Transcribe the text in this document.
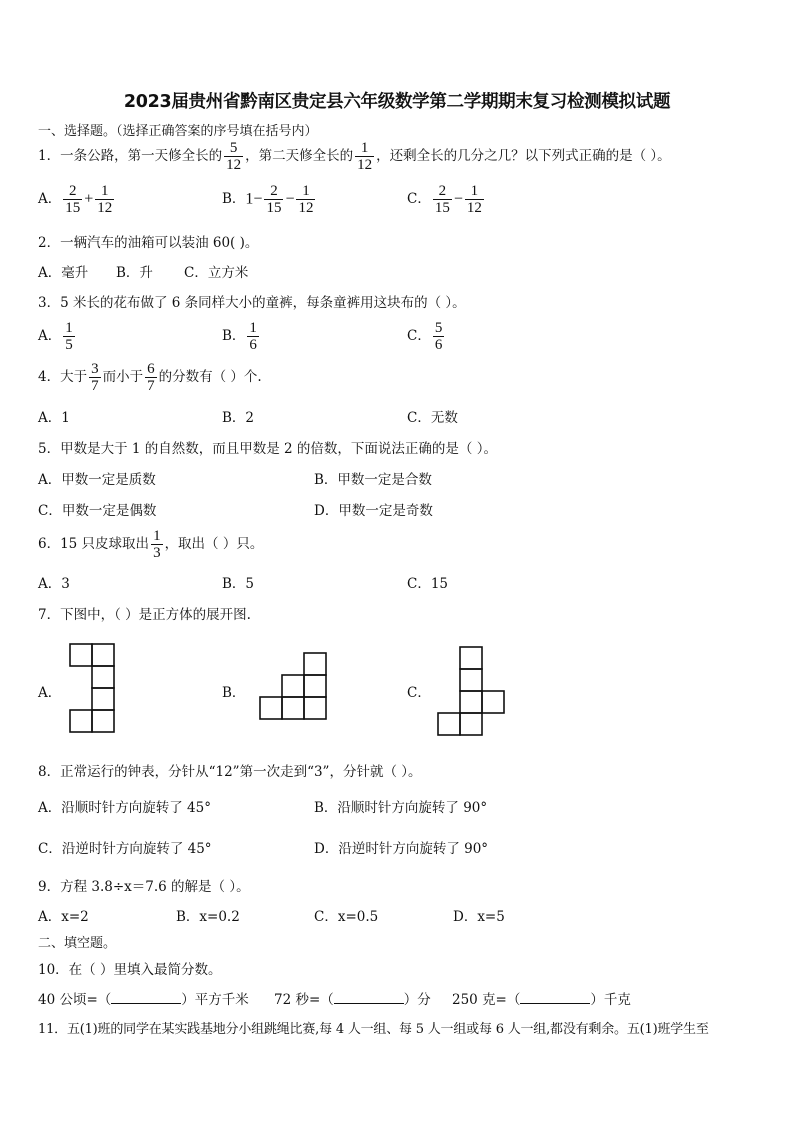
2023届贵州省黔南区贵定县六年级数学第二学期期末复习检测模拟试题
一、选择题。（选择正确答案的序号填在括号内）
1．一条公路，第一天修全长的 $\frac{5}{12}$ ，第二天修全长的 $\frac{1}{12}$ ，还剩全长的几分之几？以下列式正确的是（ ）。
A． $\frac{2}{15} + \frac{1}{12}$	B．$1- \frac{2}{15} - \frac{1}{12}$	C． $\frac{2}{15} - \frac{1}{12}$
2．一辆汽车的油箱可以装油 60( )。
A．毫升 B．升 C．立方米
3．5 米长的花布做了 6 条同样大小的童裤，每条童裤用这块布的（ ）。
A． $\frac{1}{5}$	B． $\frac{1}{6}$	C． $\frac{5}{6}$
4．大于 $\frac{3}{7}$ 而小于 $\frac{6}{7}$ 的分数有（ ）个.
A．1	B．2	C．无数
5．甲数是大于 1 的自然数，而且甲数是 2 的倍数，下面说法正确的是（ ）。
A．甲数一定是质数	B．甲数一定是合数
C．甲数一定是偶数	D．甲数一定是奇数
6．15 只皮球取出 $\frac{1}{3}$ ，取出（ ）只。
A．3	B．5	C．15
7．下图中，（ ）是正方体的展开图.
A．	B．	C．
8．正常运行的钟表，分针从“12”第一次走到“3”，分针就（ ）。
A．沿顺时针方向旋转了 45°	B．沿顺时针方向旋转了 90°
C．沿逆时针方向旋转了 45°	D．沿逆时针方向旋转了 90°
9．方程 3.8÷x＝7.6 的解是（ ）。
A．x=2	B．x=0.2	C．x=0.5	D．x=5
二、填空题。
10．在（ ）里填入最简分数。
40 公顷=（	）平方千米 72 秒=（	）分 250 克=（	）千克
11．五(1)班的同学在某实践基地分小组跳绳比赛,每 4 人一组、每 5 人一组或每 6 人一组,都没有剩余。五(1)班学生至
